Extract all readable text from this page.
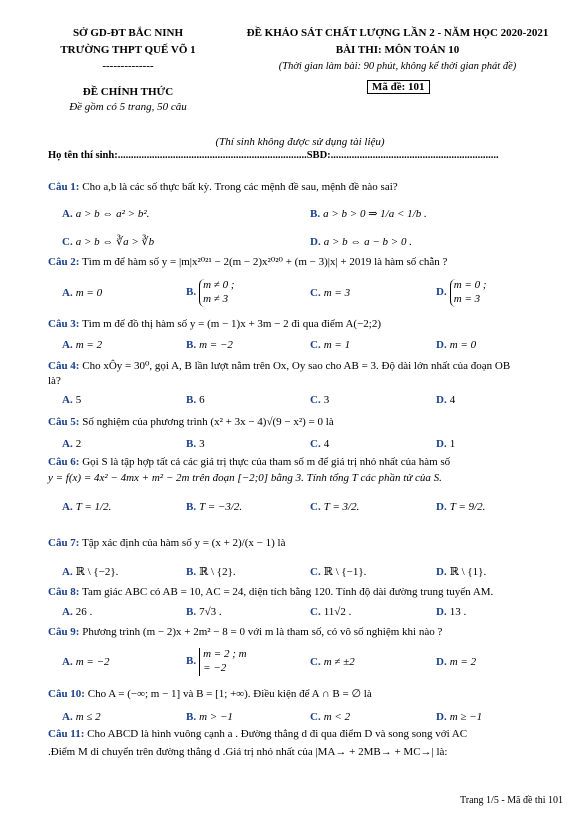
SỞ GD-ĐT BẮC NINH
TRƯỜNG THPT QUẾ VÕ 1
--------------
ĐỀ CHÍNH THỨC
Đề gồm có 5 trang, 50 câu
ĐỀ KHẢO SÁT CHẤT LƯỢNG LẦN 2 - NĂM HỌC 2020-2021
BÀI THI: MÔN TOÁN 10
(Thời gian làm bài: 90 phút, không kể thời gian phát đề)
Mã đề: 101
(Thí sinh không được sử dụng tài liệu)
Họ tên thí sinh:........................................................................SBD:................................................................
Câu 1: Cho a,b là các số thực bất kỳ. Trong các mệnh đề sau, mệnh đề nào sai?
A. a > b ⇔ a² > b².	B. a > b > 0 ⇒ 1/a < 1/b .
C. a > b ⇔ ∛a > ∛b	D. a > b ⇔ a − b > 0 .
Câu 2: Tìm m để hàm số y = |m|x²⁰²¹ − 2(m − 2)x²⁰²⁰ + (m − 3)|x| + 2019 là hàm số chẵn ?
A. m = 0	B.m ≠ 0 ; m ≠ 3	C. m = 3	D.m = 0 ; m = 3
Câu 3: Tìm m để đồ thị hàm số y = (m − 1)x + 3m − 2 đi qua điểm A(−2;2)
A. m = 2	B. m = −2	C. m = 1	D. m = 0
Câu 4: Cho xÔy = 30⁰, gọi A, B lần lượt nằm trên Ox, Oy sao cho AB = 3. Độ dài lớn nhất của đoạn OB
là?
A. 5	B. 6	C. 3	D. 4
Câu 5: Số nghiệm của phương trình (x² + 3x − 4)√(9 − x²) = 0 là
A. 2	B. 3	C. 4	D. 1
Câu 6: Gọi S là tập hợp tất cả các giá trị thực của tham số m để giá trị nhỏ nhất của hàm số
y = f(x) = 4x² − 4mx + m² − 2m trên đoạn [−2;0] bằng 3. Tính tổng T các phần tử của S.
A. T = 1/2.	B. T = −3/2.	C. T = 3/2.	D. T = 9/2.
Câu 7: Tập xác định của hàm số y = (x + 2)/(x − 1) là
A. ℝ \ {−2}.	B. ℝ \ {2}.	C. ℝ \ {−1}.	D. ℝ \ {1}.
Câu 8: Tam giác ABC có AB = 10, AC = 24, diện tích bằng 120. Tính độ dài đường trung tuyến AM.
A. 26 .	B. 7√3 .	C. 11√2 .	D. 13 .
Câu 9: Phương trình (m − 2)x + 2m² − 8 = 0 với m là tham số, có vô số nghiệm khi nào ?
A. m = −2	B.m = 2 ; m = −2	C. m ≠ ±2	D. m = 2
Câu 10: Cho A = (−∞; m − 1] và B = [1; +∞). Điều kiện để A ∩ B = ∅ là
A. m ≤ 2	B. m > −1	C. m < 2	D. m ≥ −1
Câu 11: Cho ABCD là hình vuông cạnh a . Đường thẳng d đi qua điểm D và song song với AC
.Điểm M di chuyển trên đường thẳng d .Giá trị nhỏ nhất của |MA→ + 2MB→ + MC→| là:
Trang 1/5 - Mã đề thi 101
